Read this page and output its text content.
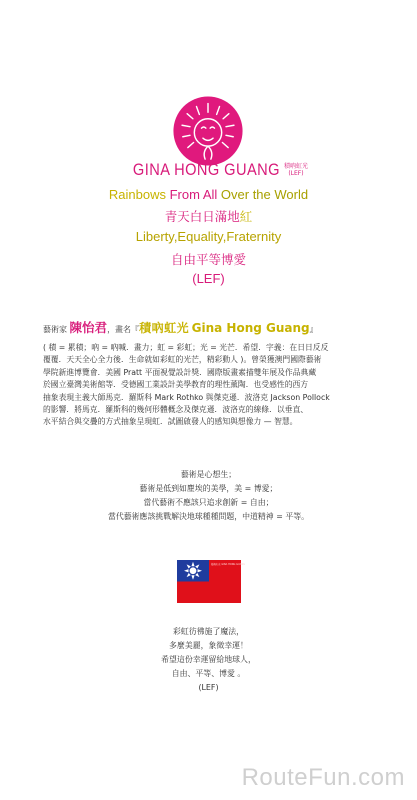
GINA HONG GUANG 積吶虹光
(LEF)
Rainbows From All Over the World
青天白日滿地紅
Liberty,Equality,Fraternity
自由平等博愛
(LEF)
藝術家 陳怡君，畫名『積吶虹光 Gina Hong Guang』
( 積 = 累積；吶 = 吶喊．畫力；虹 = 彩虹；光 = 光芒．希望．字義：在日日反反
覆覆．天天全心全力後．生命就如彩虹的光芒，精彩動人 )。曾榮獲澳門國際藝術
學院新進博覽會．美國 Pratt 平面視覺設計獎．國際版畫素描雙年展及作品典藏
於國立臺灣美術館等．受德國工業設計美學教育的理性薰陶．也受感性的西方
抽象表現主義大師馬克．羅斯科 Mark Rothko 與傑克遜．波洛克 Jackson Pollock
的影響．將馬克．羅斯科的幾何形體概念及傑克遜．波洛克的線條．以垂直、
水平結合與交疊的方式抽象呈現虹．試圖啟發人的感知與想像力 — 智慧。
藝術是心想生；
藝術是低到如塵埃的美學，美 = 博愛；
當代藝術不應該只追求創新 = 自由；
當代藝術應該挑戰解決地球種種問題，中道精神 = 平等。
積吶虹光 GINA HONG GUANG
彩虹彷彿施了魔法，
多麼美麗，象徵幸運！
希望這份幸運留給地球人，
自由、平等、博愛 。
(LEF)
RouteFun.com
